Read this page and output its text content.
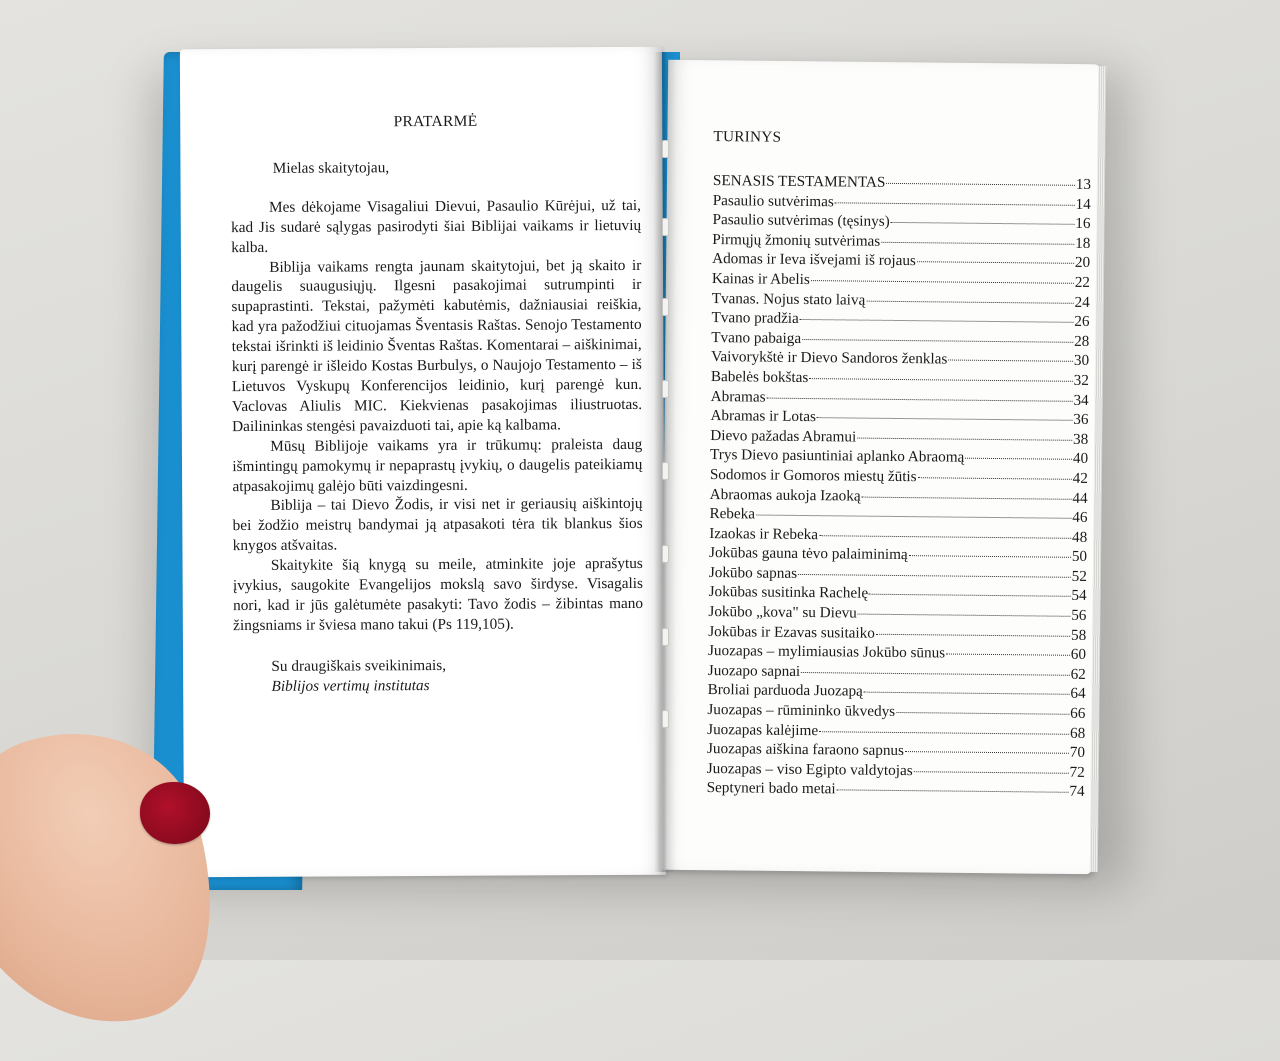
PRATARMĖ

Mielas skaitytojau,

Mes dėkojame Visagaliui Dievui, Pasaulio Kūrėjui, už tai, kad Jis sudarė sąlygas pasirodyti šiai Biblijai vaikams ir lietuvių kalba.

Biblija vaikams rengta jaunam skaitytojui, bet ją skaito ir daugelis suaugusiųjų. Ilgesni pasakojimai sutrumpinti ir supaprastinti. Tekstai, pažymėti kabutėmis, dažniausiai reiškia, kad yra pažodžiui cituojamas Šventasis Raštas. Senojo Testamento tekstai išrinkti iš leidinio Šventas Raštas. Komentarai – aiškinimai, kurį parengė ir išleido Kostas Burbulys, o Naujojo Testamento – iš Lietuvos Vyskupų Konferencijos leidinio, kurį parengė kun. Vaclovas Aliulis MIC. Kiekvienas pasakojimas iliustruotas. Dailininkas stengėsi pavaizduoti tai, apie ką kalbama.

Mūsų Biblijoje vaikams yra ir trūkumų: praleista daug išmintingų pamokymų ir nepaprastų įvykių, o daugelis pateikiamų atpasakojimų galėjo būti vaizdingesni.

Biblija – tai Dievo Žodis, ir visi net ir geriausių aiškintojų bei žodžio meistrų bandymai ją atpasakoti tėra tik blankus šios knygos atšvaitas.

Skaitykite šią knygą su meile, atminkite joje aprašytus įvykius, saugokite Evangelijos mokslą savo širdyse. Visagalis nori, kad ir jūs galėtumėte pasakyti: Tavo žodis – žibintas mano žingsniams ir šviesa mano takui (Ps 119,105).

Su draugiškais sveikinimais,

Biblijos vertimų institutas

TURINYS
SENASIS TESTAMENTAS	13
Pasaulio sutvėrimas	14
Pasaulio sutvėrimas (tęsinys)	16
Pirmųjų žmonių sutvėrimas	18
Adomas ir Ieva išvejami iš rojaus	20
Kainas ir Abelis	22
Tvanas. Nojus stato laivą	24
Tvano pradžia	26
Tvano pabaiga	28
Vaivorykštė ir Dievo Sandoros ženklas	30
Babelės bokštas	32
Abramas	34
Abramas ir Lotas	36
Dievo pažadas Abramui	38
Trys Dievo pasiuntiniai aplanko Abraomą	40
Sodomos ir Gomoros miestų žūtis	42
Abraomas aukoja Izaoką	44
Rebeka	46
Izaokas ir Rebeka	48
Jokūbas gauna tėvo palaiminimą	50
Jokūbo sapnas	52
Jokūbas susitinka Rachelę	54
Jokūbo „kova" su Dievu	56
Jokūbas ir Ezavas susitaiko	58
Juozapas – mylimiausias Jokūbo sūnus	60
Juozapo sapnai	62
Broliai parduoda Juozapą	64
Juozapas – rūmininko ūkvedys	66
Juozapas kalėjime	68
Juozapas aiškina faraono sapnus	70
Juozapas – viso Egipto valdytojas	72
Septyneri bado metai	74
